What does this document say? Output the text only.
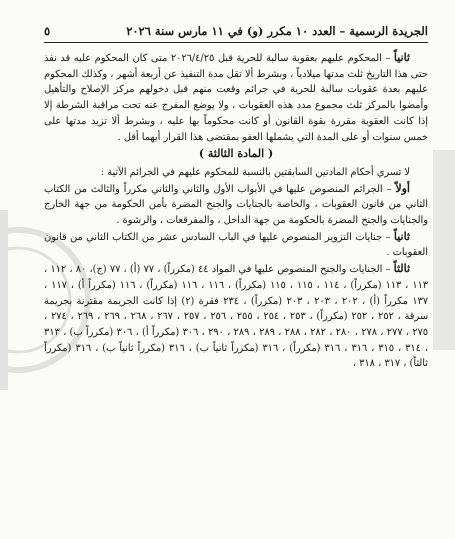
الجريدة الرسمية – العدد ١٠ مكرر (و) في ١١ مارس سنة ٢٠٢٦
٥

ثانياً – المحكوم عليهم بعقوبة سالبة للحرية قبل ٢٠٢٦/٤/٢٥ متى كان المحكوم عليه قد نفذ حتى هذا التاريخ ثلث مدتها ميلادياً ، وبشرط ألا تقل مدة التنفيذ عن أربعة أشهر ، وكذلك المحكوم عليهم بعدة عقوبات سالبة للحرية في جرائم وقعت منهم قبل دخولهم مركز الإصلاح والتأهيل وأمضوا بالمركز ثلث مجموع مدد هذه العقوبات ، ولا يوضع المفرج عنه تحت مراقبة الشرطة إلا إذا كانت العقوبة مقررة بقوة القانون أو كانت محكوماً بها عليه ، وبشرط ألا تزيد مدتها على خمس سنوات أو على المدة التي يشملها العفو بمقتضى هذا القرار أيهما أقل .

( المادة الثالثة )

لا تسري أحكام المادتين السابقتين بالنسبة للمحكوم عليهم في الجرائم الآتية :

أولاً – الجرائم المنصوص عليها في الأبواب الأول والثاني والثاني مكرراً والثالث من الكتاب الثاني من قانون العقوبات ، والخاصة بالجنايات والجنح المضرة بأمن الحكومة من جهة الخارج والجنايات والجنح المضرة بالحكومة من جهة الداخل ، والمفرقعات ، والرشوة .

ثانياً – جنايات التزوير المنصوص عليها في الباب السادس عشر من الكتاب الثاني من قانون العقوبات .

ثالثاً – الجنايات والجنح المنصوص عليها في المواد ٤٤ (مكرراً) ، ٧٧ (أ) ، ٧٧ (ج)، ٨٠ ، ١١٢ ، ١١٣ ، ١١٣ (مكرراً) ، ١١٤ ، ١١٥ ، ١١٥ (مكرراً) ، ١١٦ ، ١١٦ (مكرراً) ، ١١٦ (مكرراً أ) ، ١١٧ ، ١٣٧ مكرراً (أ) ، ٢٠٢ ، ٢٠٣ ، ٢٠٣ (مكرراً) ، ٢٣٤ فقرة (٢) إذا كانت الجريمة مقترنة بجريمة سرقة ، ٢٥٢ ، ٢٥٢ (مكرراً) ، ٢٥٣ ، ٢٥٤ ، ٢٥٥ ، ٢٥٦ ، ٢٥٧ ، ٢٦٧ ، ٢٦٨ ، ٢٦٩ ، ٢٦٩ ، ٢٧٤ ، ٢٧٥ ، ٢٧٧ ، ٢٧٨ ، ٢٨٠ ، ٢٨٢ ، ٢٨٨ ، ٢٨٩ ، ٢٨٩ ، ٢٩٠ ، ٣٠٦ (مكرراً أ) ، ٣٠٦ (مكرراً ب) ، ٣١٣ ، ٣١٤ ، ٣١٥ ، ٣١٦ ، ٣١٦ (مكرراً) ، ٣١٦ (مكرراً ثانياً ب) ، ٣١٦ (مكرراً ثانياً ب) ، ٣١٦ (مكرراً ثالثاً) ، ٣١٧ ، ٣١٨ ،
